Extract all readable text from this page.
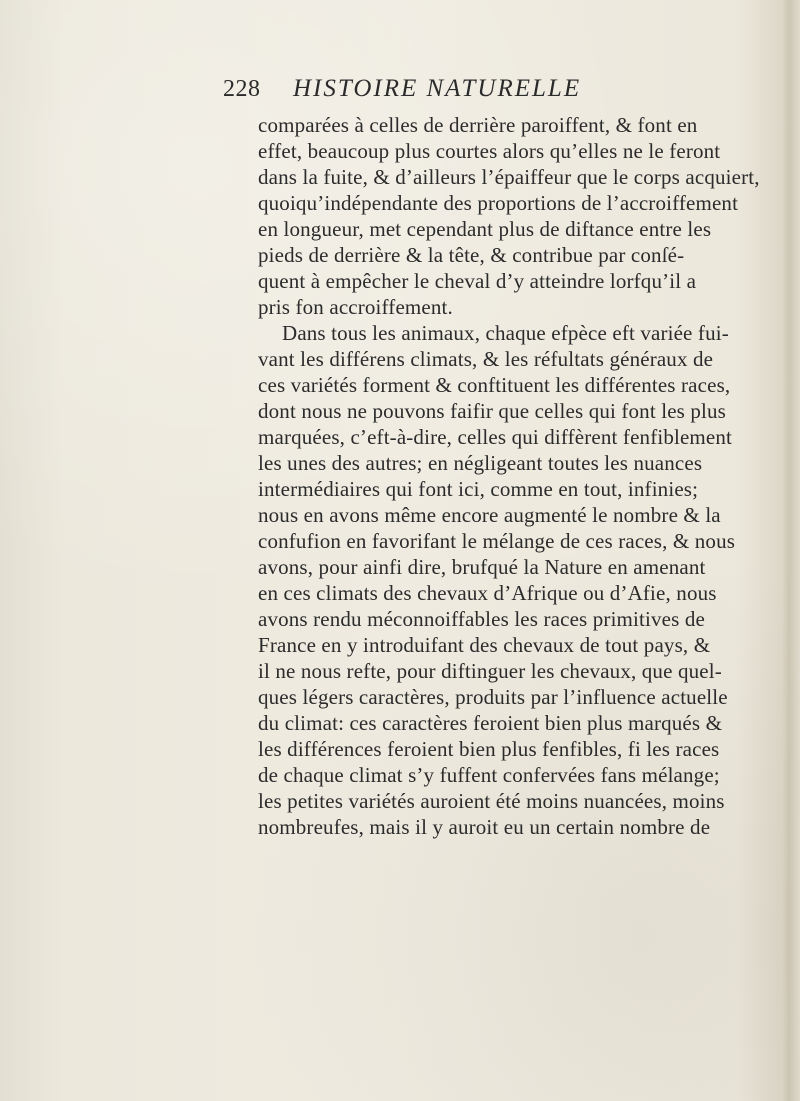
228	HISTOIRE NATURELLE
comparées à celles de derrière paroiffent, & font en
effet, beaucoup plus courtes alors qu’elles ne le feront
dans la fuite, & d’ailleurs l’épaiffeur que le corps acquiert,
quoiqu’indépendante des proportions de l’accroiffement
en longueur, met cependant plus de diftance entre les
pieds de derrière & la tête, & contribue par conſé-
quent à empêcher le cheval d’y atteindre lorfqu’il a
pris fon accroiffement.
Dans tous les animaux, chaque efpèce eft variée fui-
vant les différens climats, & les réfultats généraux de
ces variétés forment & conftituent les différentes races,
dont nous ne pouvons faifir que celles qui font les plus
marquées, c’eft-à-dire, celles qui diffèrent fenfiblement
les unes des autres; en négligeant toutes les nuances
intermédiaires qui font ici, comme en tout, infinies;
nous en avons même encore augmenté le nombre & la
confufion en favorifant le mélange de ces races, & nous
avons, pour ainfi dire, brufqué la Nature en amenant
en ces climats des chevaux d’Afrique ou d’Afie, nous
avons rendu méconnoiffables les races primitives de
France en y introduifant des chevaux de tout pays, &
il ne nous refte, pour diftinguer les chevaux, que quel-
ques légers caractères, produits par l’influence actuelle
du climat: ces caractères feroient bien plus marqués &
les différences feroient bien plus fenfibles, fi les races
de chaque climat s’y fuffent confervées fans mélange;
les petites variétés auroient été moins nuancées, moins
nombreufes, mais il y auroit eu un certain nombre de
